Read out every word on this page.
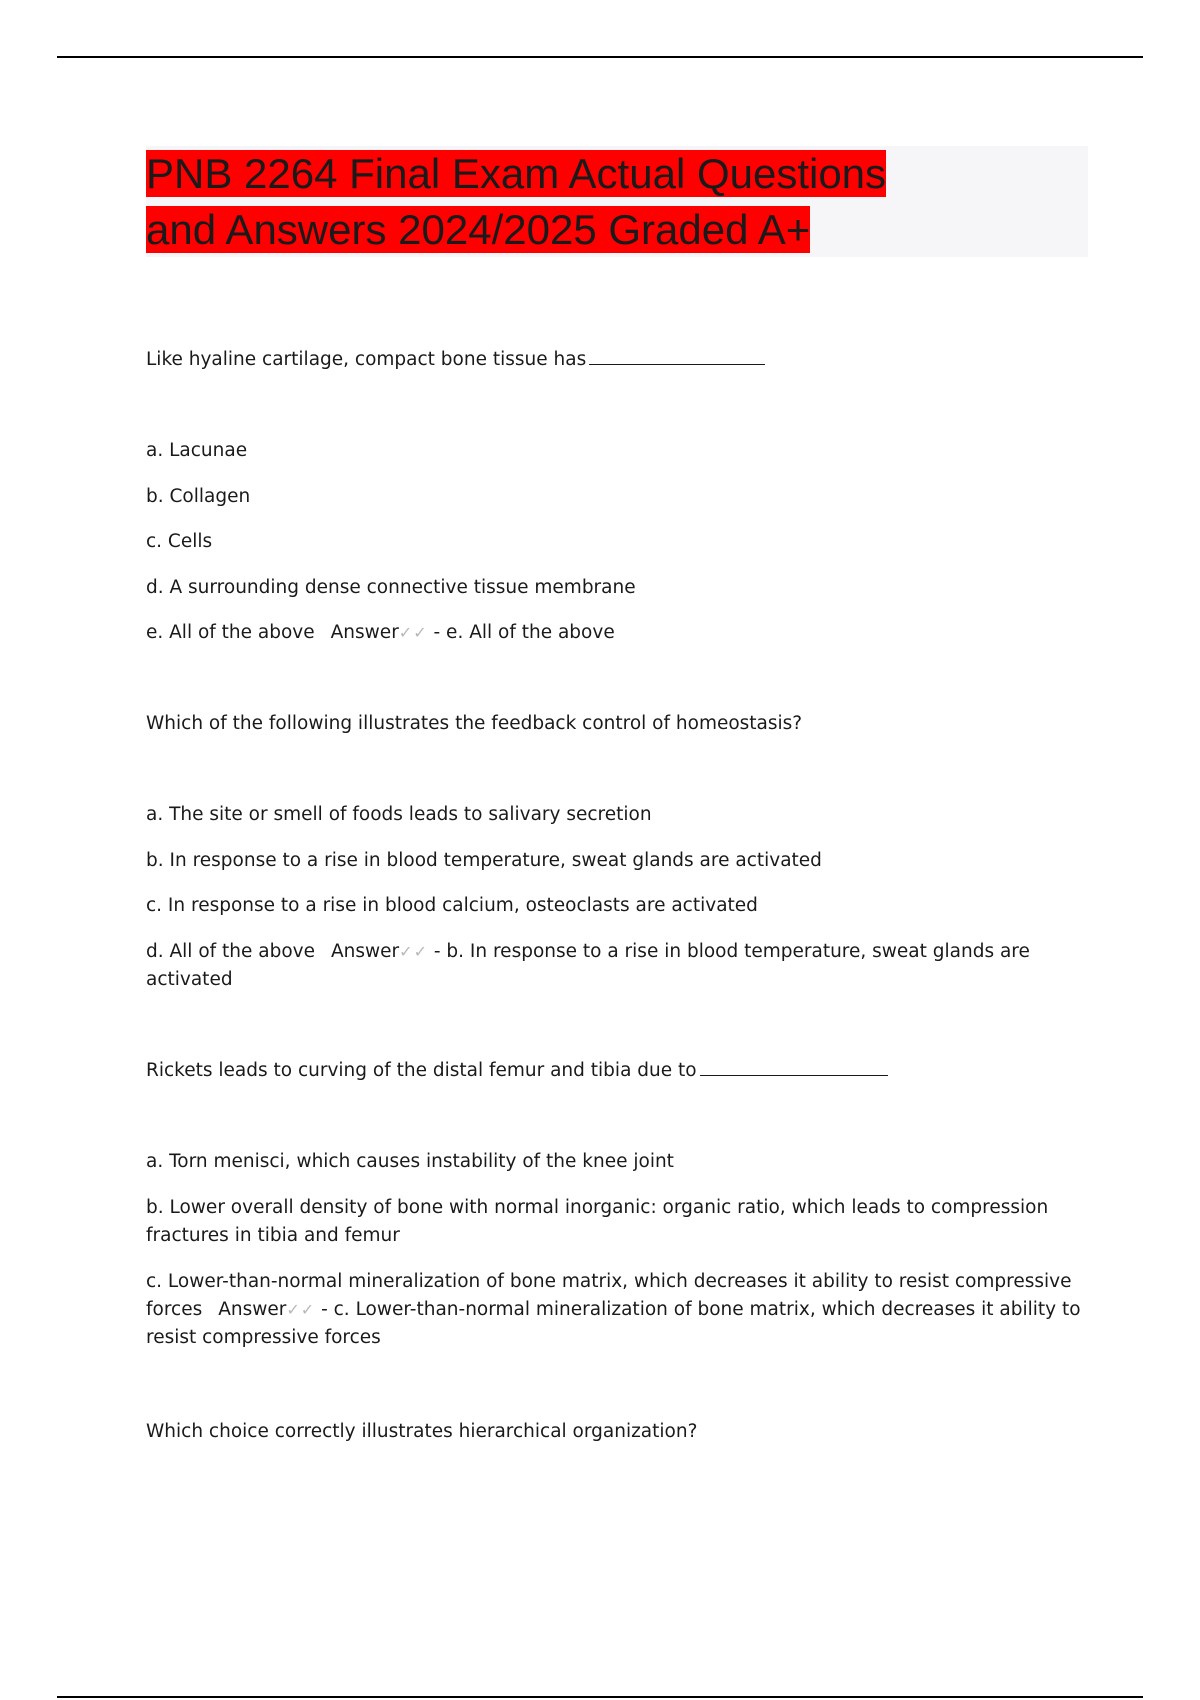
PNB 2264 Final Exam Actual Questions
and Answers 2024/2025 Graded A+
Like hyaline cartilage, compact bone tissue has
a. Lacunae
b. Collagen
c. Cells
d. A surrounding dense connective tissue membrane
e. All of the above Answer✓✓ - e. All of the above
Which of the following illustrates the feedback control of homeostasis?
a. The site or smell of foods leads to salivary secretion
b. In response to a rise in blood temperature, sweat glands are activated
c. In response to a rise in blood calcium, osteoclasts are activated
d. All of the above Answer✓✓ - b. In response to a rise in blood temperature, sweat glands are activated
Rickets leads to curving of the distal femur and tibia due to
a. Torn menisci, which causes instability of the knee joint
b. Lower overall density of bone with normal inorganic: organic ratio, which leads to compression fractures in tibia and femur
c. Lower-than-normal mineralization of bone matrix, which decreases it ability to resist compressive forces Answer✓✓ - c. Lower-than-normal mineralization of bone matrix, which decreases it ability to resist compressive forces
Which choice correctly illustrates hierarchical organization?
